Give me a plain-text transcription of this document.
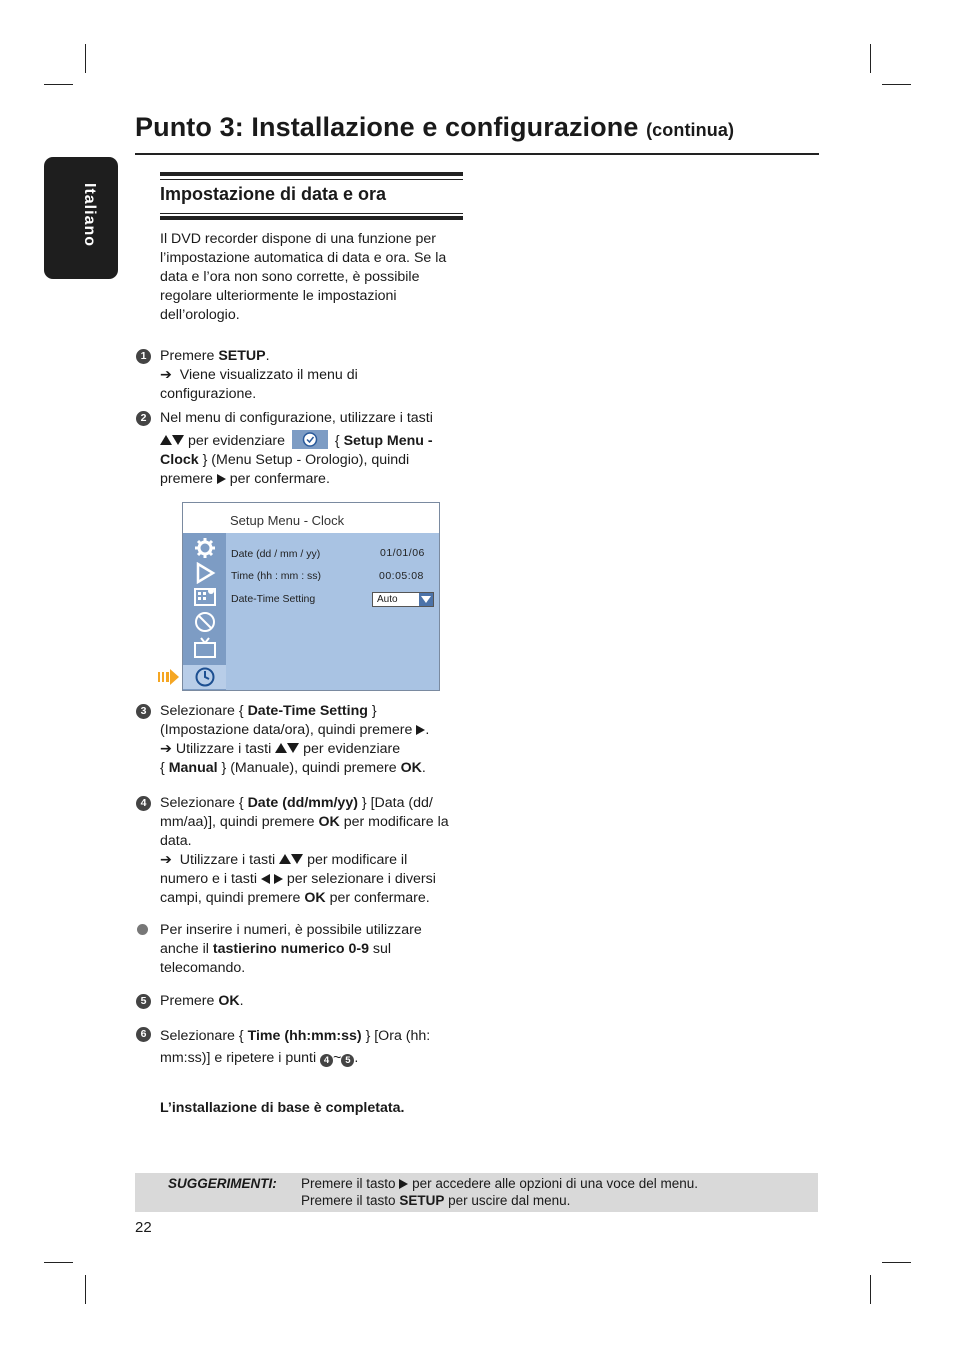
Punto 3: Installazione e configurazione (continua)
Italiano	Impostazione di data e ora
Il DVD recorder dispone di una funzione per l’impostazione automatica di data e ora. Se la data e l’ora non sono corrette, è possibile regolare ulteriormente le impostazioni dell’orologio.
1 Premere SETUP.
➔ Viene visualizzato il menu di
configurazione.
2 Nel menu di configurazione, utilizzare i tasti
per evidenziare	{ Setup Menu -
Clock } (Menu Setup - Orologio), quindi
premere per confermare.
Setup Menu - Clock
Date (dd / mm / yy)	01/01/06
Time (hh : mm : ss)	00:05:08
Date-Time Setting	Auto
3 Selezionare { Date-Time Setting }
(Impostazione data/ora), quindi premere .
➔ Utilizzare i tasti per evidenziare
{ Manual } (Manuale), quindi premere OK.
4 Selezionare { Date (dd/mm/yy) } [Data (dd/
mm/aa)], quindi premere OK per modificare la
data.
➔ Utilizzare i tasti per modificare il
numero e i tasti per selezionare i diversi
campi, quindi premere OK per confermare.
Per inserire i numeri, è possibile utilizzare
anche il tastierino numerico 0-9 sul
telecomando.
5 Premere OK.
6 Selezionare { Time (hh:mm:ss) } [Ora (hh:
mm:ss)] e ripetere i punti 4 ~ 5 .
L’installazione di base è completata.
SUGGERIMENTI: Premere il tasto per accedere alle opzioni di una voce del menu.
Premere il tasto SETUP per uscire dal menu.
22
